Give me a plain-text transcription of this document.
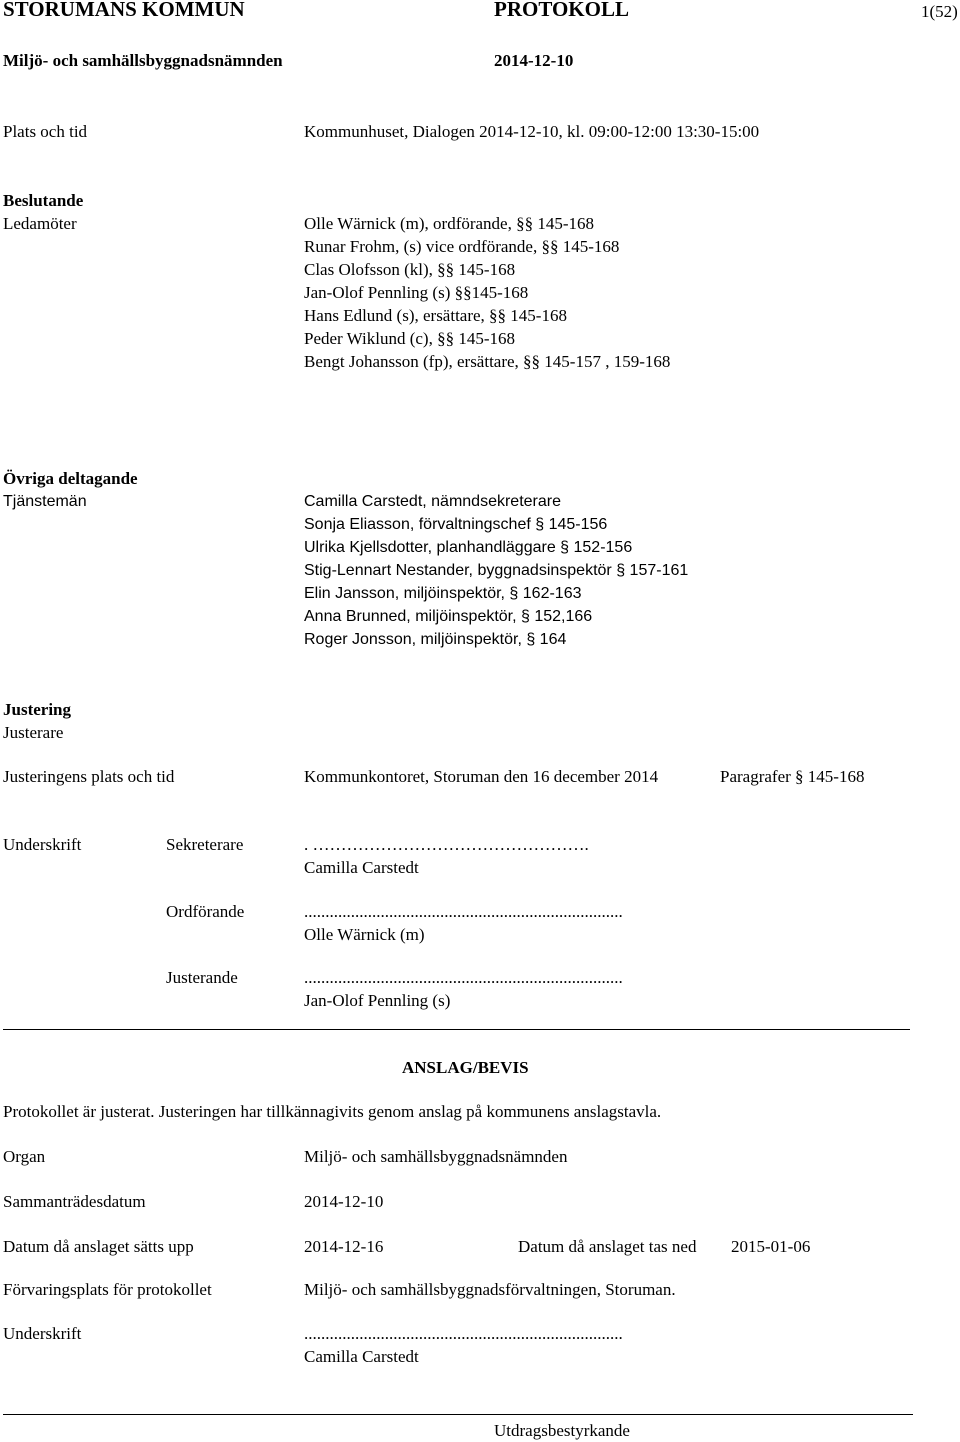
STORUMANS KOMMUN	PROTOKOLL	1(52)
Miljö- och samhällsbyggnadsnämnden	2014-12-10
Plats och tid	Kommunhuset, Dialogen 2014-12-10, kl. 09:00-12:00 13:30-15:00
Beslutande
Ledamöter	Olle Wärnick (m), ordförande, §§ 145-168
Runar Frohm, (s) vice ordförande, §§ 145-168
Clas Olofsson (kl), §§ 145-168
Jan-Olof Pennling (s) §§145-168
Hans Edlund (s), ersättare, §§ 145-168
Peder Wiklund (c), §§ 145-168
Bengt Johansson (fp), ersättare, §§ 145-157 , 159-168
Övriga deltagande
Tjänstemän	Camilla Carstedt, nämndsekreterare
Sonja Eliasson, förvaltningschef § 145-156
Ulrika Kjellsdotter, planhandläggare § 152-156
Stig-Lennart Nestander, byggnadsinspektör § 157-161
Elin Jansson, miljöinspektör, § 162-163
Anna Brunned, miljöinspektör, § 152,166
Roger Jonsson, miljöinspektör, § 164
Justering
Justerare
Justeringens plats och tid	Kommunkontoret, Storuman den 16 december 2014	Paragrafer § 145-168
Underskrift	Sekreterare	. ………………………………………….
Camilla Carstedt
Ordförande	...........................................................................
Olle Wärnick (m)
Justerande	...........................................................................
Jan-Olof Pennling (s)
ANSLAG/BEVIS
Protokollet är justerat. Justeringen har tillkännagivits genom anslag på kommunens anslagstavla.
Organ	Miljö- och samhällsbyggnadsnämnden
Sammanträdesdatum	2014-12-10
Datum då anslaget sätts upp	2014-12-16	Datum då anslaget tas ned 2015-01-06
Förvaringsplats för protokollet	Miljö- och samhällsbyggnadsförvaltningen, Storuman.
Underskrift	...........................................................................
Camilla Carstedt
Utdragsbestyrkande
